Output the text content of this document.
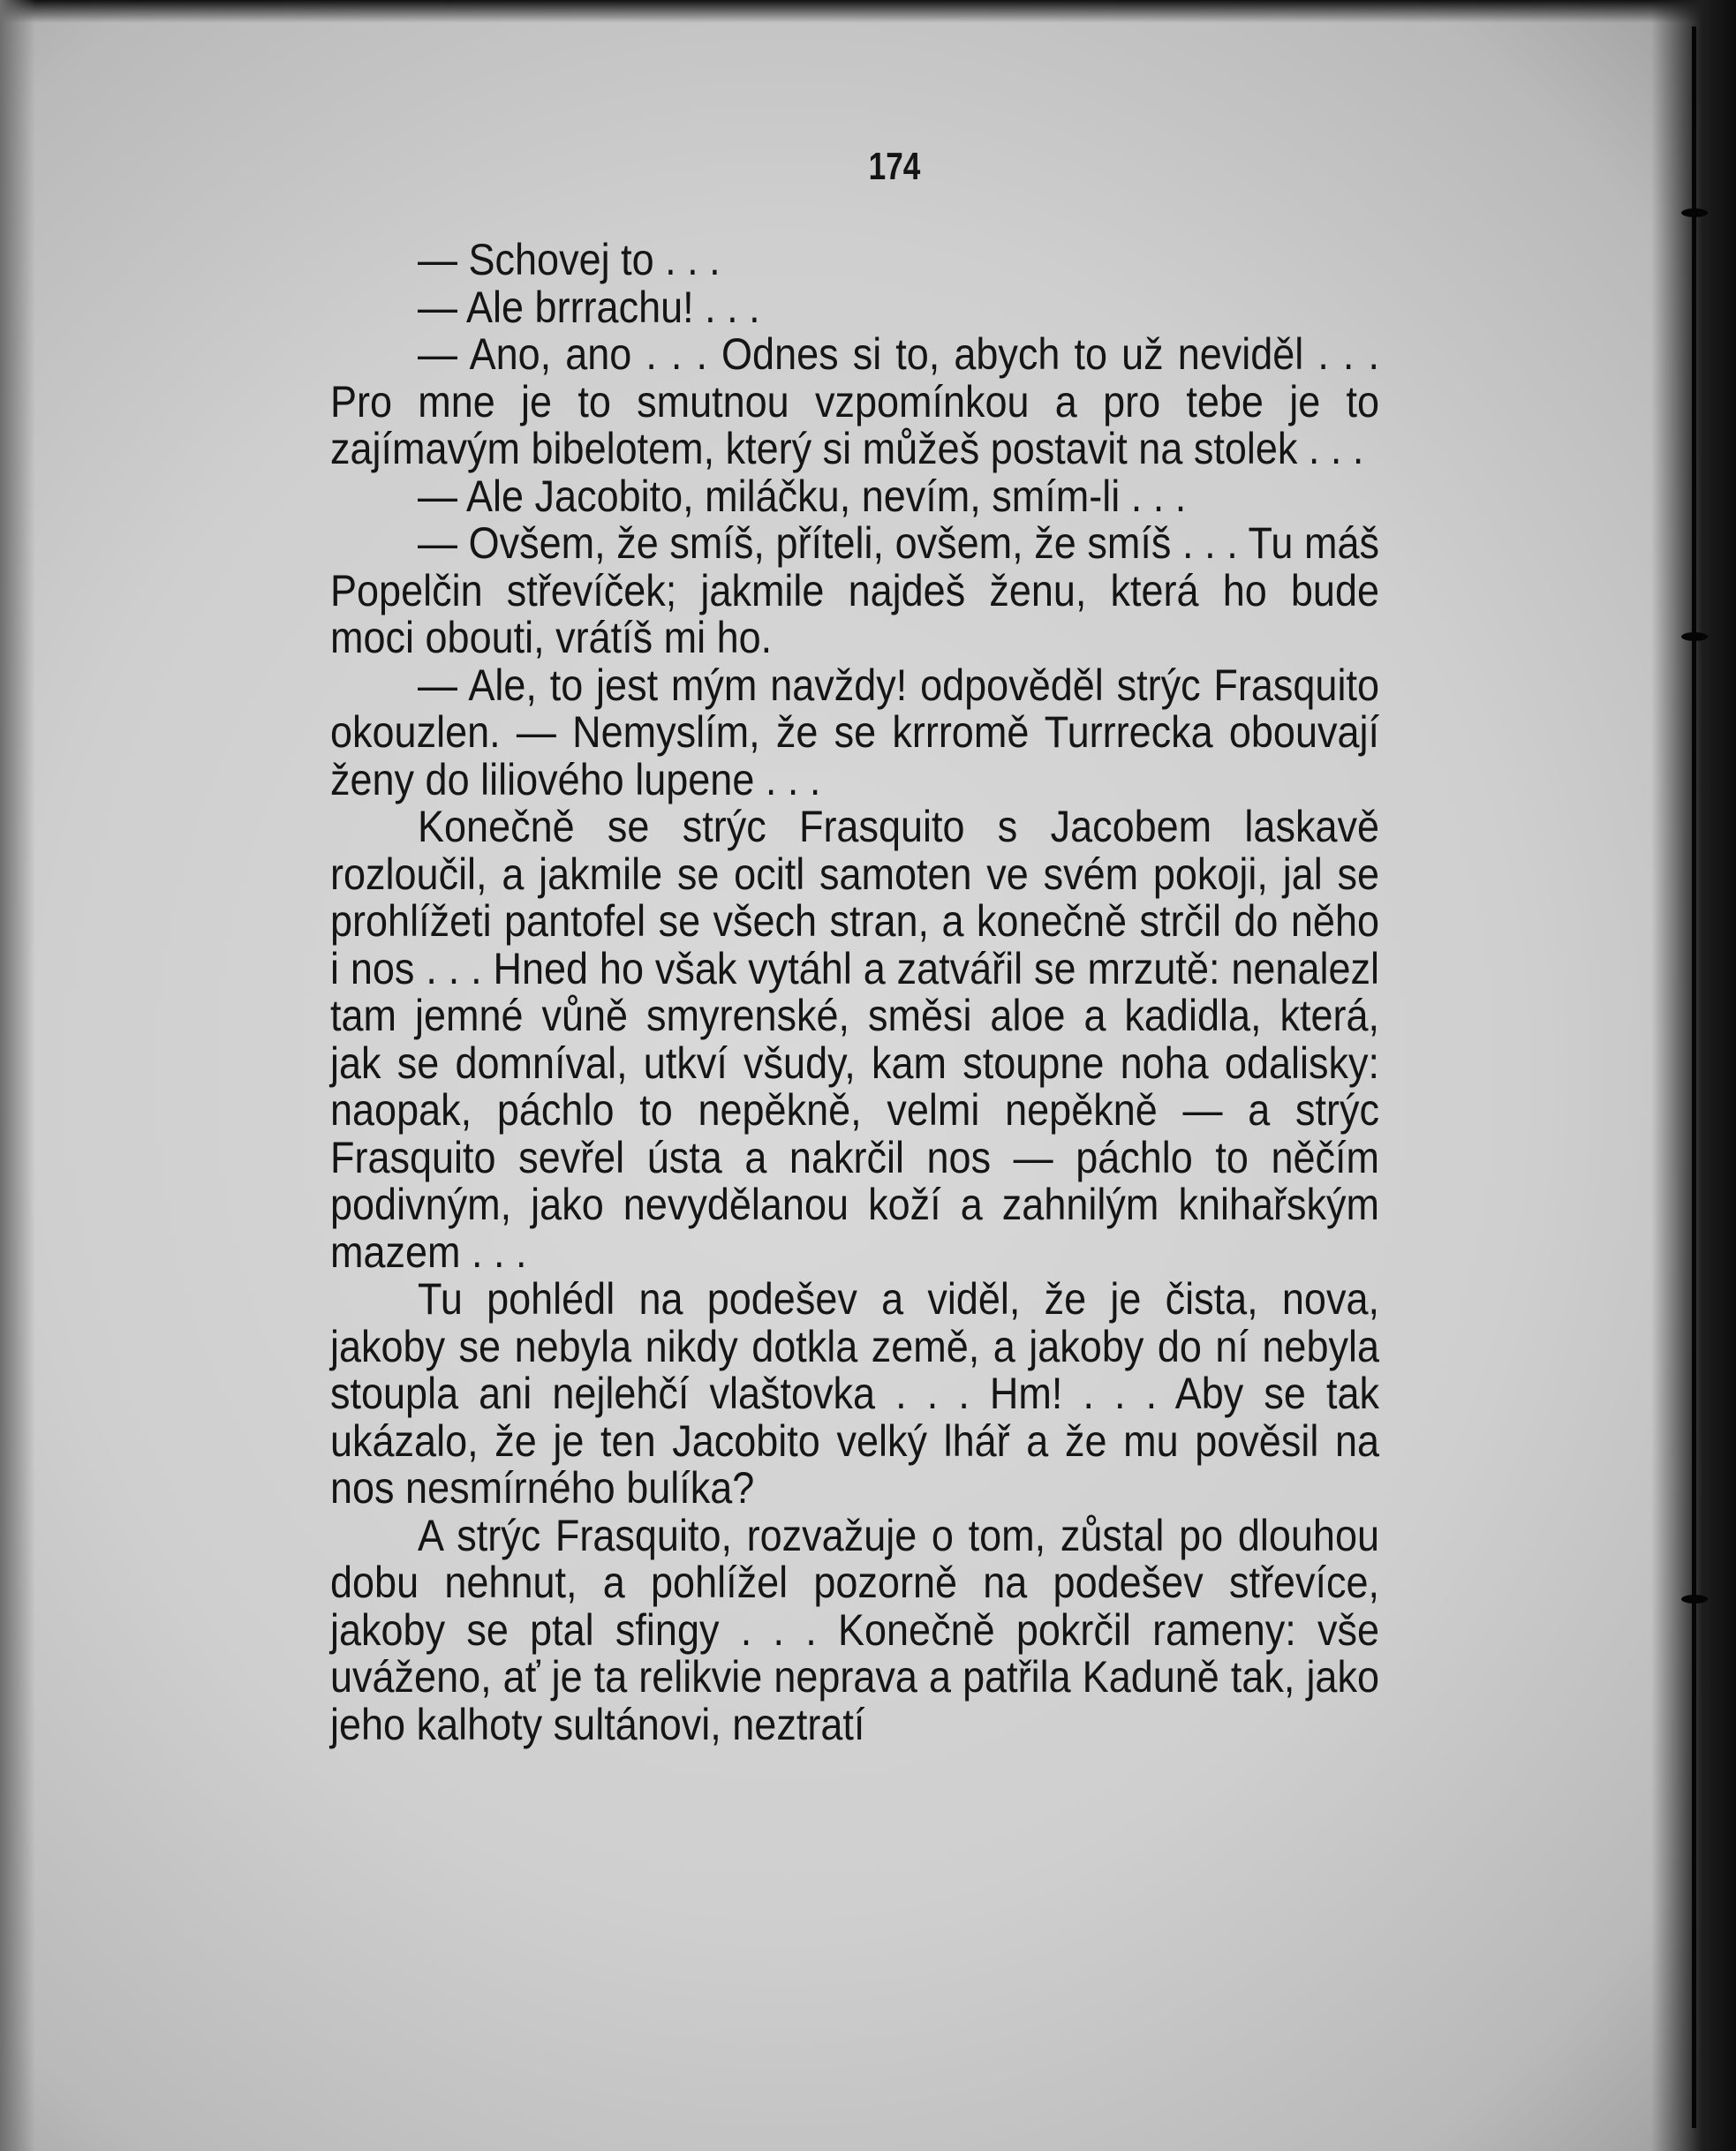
174

— Schovej to . . .

— Ale brrrachu! . . .

— Ano, ano . . . Odnes si to, abych to už neviděl . . . Pro mne je to smutnou vzpomínkou a pro tebe je to zajímavým bibelotem, který si můžeš postavit na stolek . . .

— Ale Jacobito, miláčku, nevím, smím-li . . .

— Ovšem, že smíš, příteli, ovšem, že smíš . . . Tu máš Popelčin střevíček; jakmile najdeš ženu, která ho bude moci obouti, vrátíš mi ho.

— Ale, to jest mým navždy! odpověděl strýc Frasquito okouzlen. — Nemyslím, že se krrromě Turrrecka obouvají ženy do liliového lupene . . .

Konečně se strýc Frasquito s Jacobem laskavě rozloučil, a jakmile se ocitl samoten ve svém pokoji, jal se prohlížeti pantofel se všech stran, a konečně strčil do něho i nos . . . Hned ho však vytáhl a zatvářil se mrzutě: nenalezl tam jemné vůně smyrenské, směsi aloe a kadidla, která, jak se domníval, utkví všudy, kam stoupne noha odalisky: naopak, páchlo to nepěkně, velmi nepěkně — a strýc Frasquito sevřel ústa a nakrčil nos — páchlo to něčím podivným, jako nevydělanou koží a zahnilým knihařským mazem . . .

Tu pohlédl na podešev a viděl, že je čista, nova, jakoby se nebyla nikdy dotkla země, a jakoby do ní nebyla stoupla ani nejlehčí vlaštovka . . . Hm! . . . Aby se tak ukázalo, že je ten Jacobito velký lhář a že mu pověsil na nos nesmírného bulíka?

A strýc Frasquito, rozvažuje o tom, zůstal po dlouhou dobu nehnut, a pohlížel pozorně na podešev střevíce, jakoby se ptal sfingy . . . Konečně pokrčil rameny: vše uváženo, ať je ta relikvie neprava a patřila Kaduně tak, jako jeho kalhoty sultánovi, neztratí
